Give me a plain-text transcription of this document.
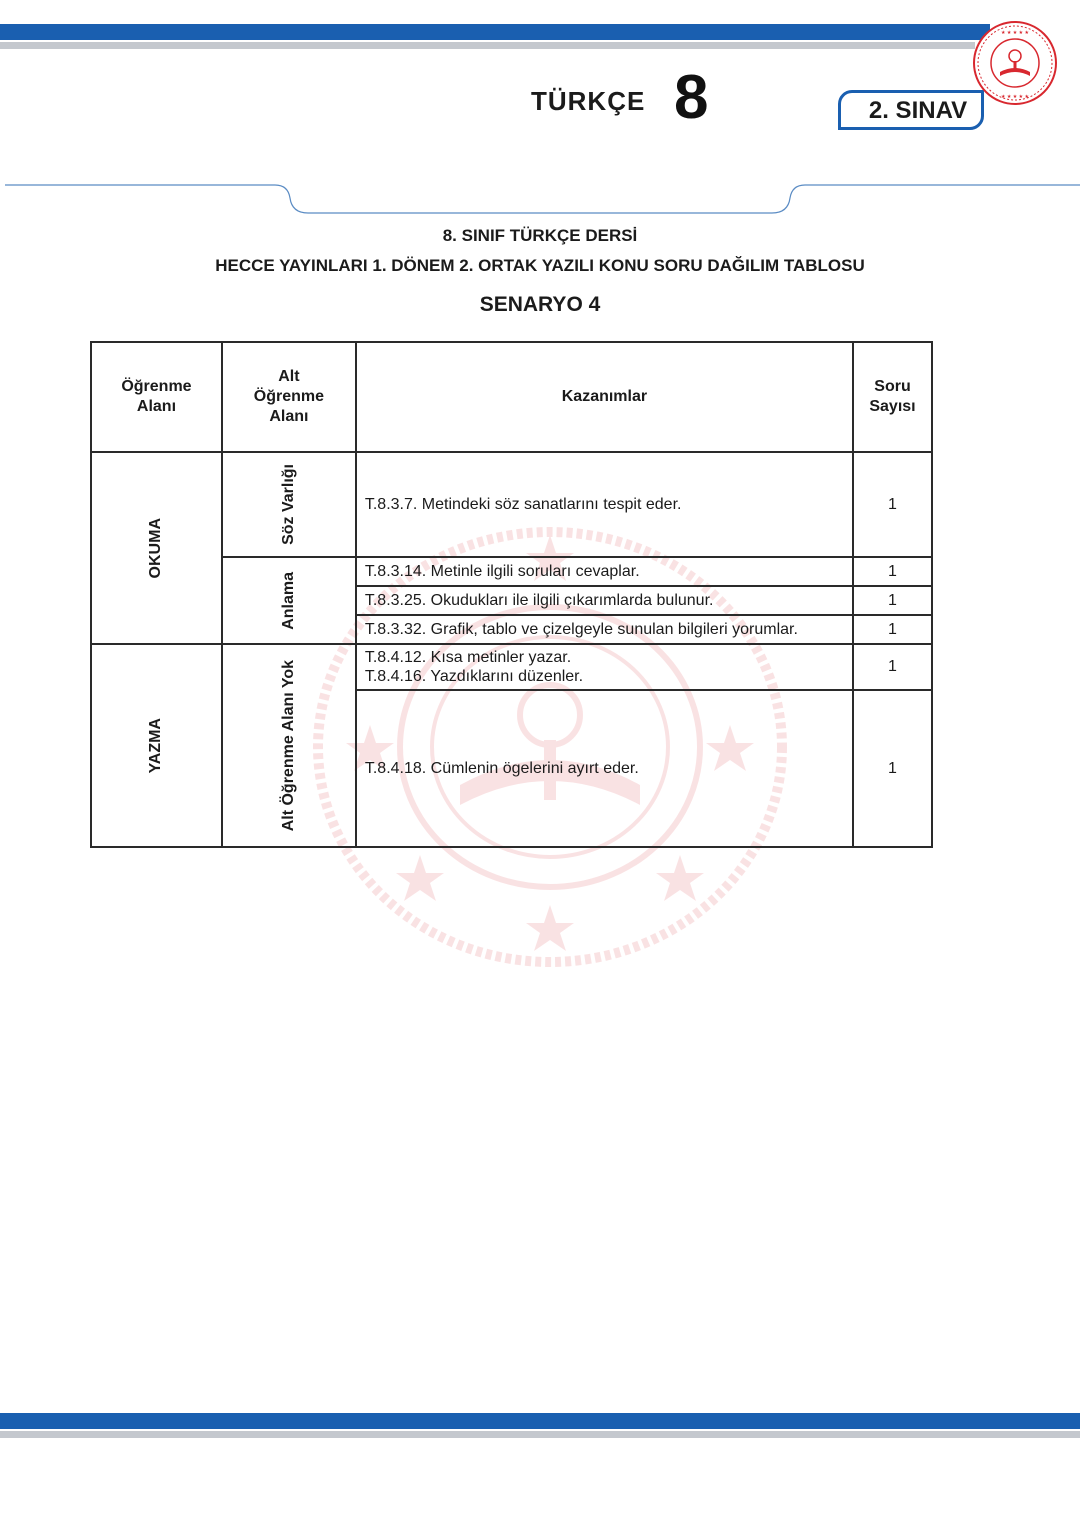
TÜRKÇE 8	2. SINAV
★ ★ ★ ★ ★
★ ★ ★ ★ ★
8. SINIF TÜRKÇE DERSİ
HECCE YAYINLARI 1. DÖNEM 2. ORTAK YAZILI KONU SORU DAĞILIM TABLOSU
SENARYO 4
Öğrenme Alanı	Alt Öğrenme Alanı	Kazanımlar	Soru Sayısı

OKUMA	Söz Varlığı	T.8.3.7. Metindeki söz sanatlarını tespit eder.	1

	Anlama	T.8.3.14. Metinle ilgili soruları cevaplar.	1
		T.8.3.25. Okudukları ile ilgili çıkarımlarda bulunur.	1
		T.8.3.32. Grafik, tablo ve çizelgeyle sunulan bilgileri yorumlar.	1

YAZMA	Alt Öğrenme Alanı Yok	T.8.4.12. Kısa metinler yazar.
T.8.4.16. Yazdıklarını düzenler.	1
		T.8.4.18. Cümlenin ögelerini ayırt eder.	1
